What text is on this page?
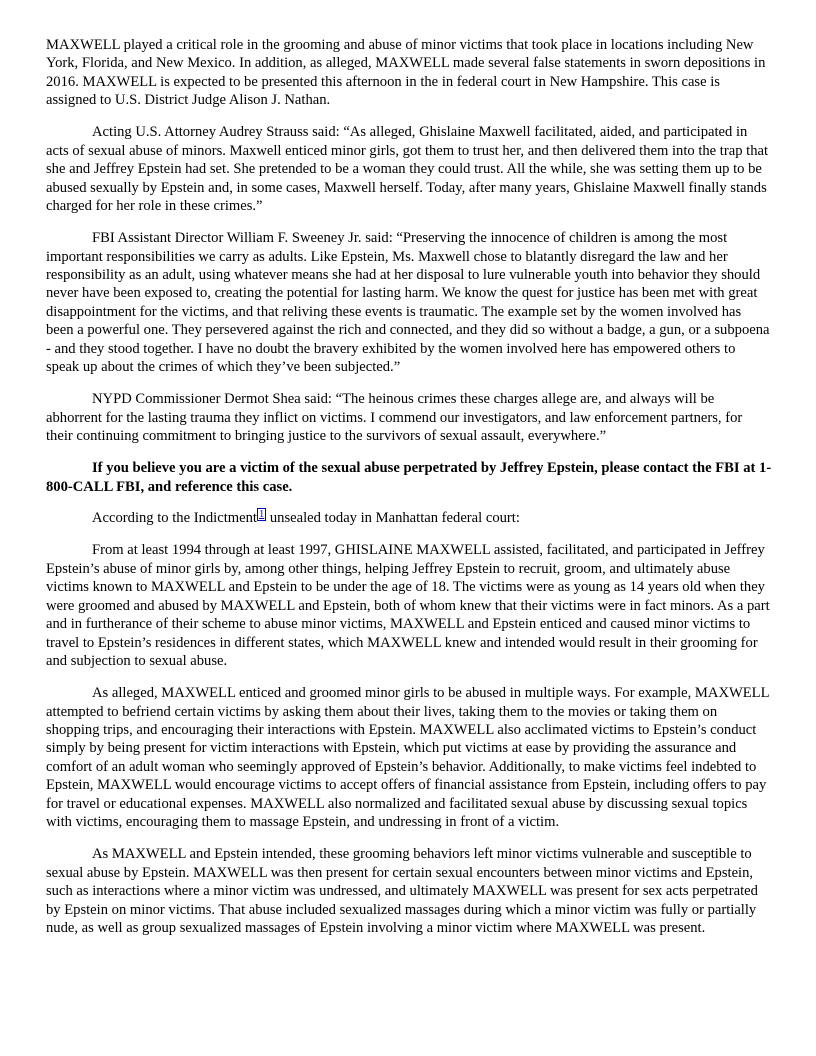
MAXWELL played a critical role in the grooming and abuse of minor victims that took place in locations including New York, Florida, and New Mexico. In addition, as alleged, MAXWELL made several false statements in sworn depositions in 2016. MAXWELL is expected to be presented this afternoon in the in federal court in New Hampshire. This case is assigned to U.S. District Judge Alison J. Nathan.

Acting U.S. Attorney Audrey Strauss said: “As alleged, Ghislaine Maxwell facilitated, aided, and participated in acts of sexual abuse of minors. Maxwell enticed minor girls, got them to trust her, and then delivered them into the trap that she and Jeffrey Epstein had set. She pretended to be a woman they could trust. All the while, she was setting them up to be abused sexually by Epstein and, in some cases, Maxwell herself. Today, after many years, Ghislaine Maxwell finally stands charged for her role in these crimes.”

FBI Assistant Director William F. Sweeney Jr. said: “Preserving the innocence of children is among the most important responsibilities we carry as adults. Like Epstein, Ms. Maxwell chose to blatantly disregard the law and her responsibility as an adult, using whatever means she had at her disposal to lure vulnerable youth into behavior they should never have been exposed to, creating the potential for lasting harm. We know the quest for justice has been met with great disappointment for the victims, and that reliving these events is traumatic. The example set by the women involved has been a powerful one. They persevered against the rich and connected, and they did so without a badge, a gun, or a subpoena - and they stood together. I have no doubt the bravery exhibited by the women involved here has empowered others to speak up about the crimes of which they’ve been subjected.”

NYPD Commissioner Dermot Shea said: “The heinous crimes these charges allege are, and always will be abhorrent for the lasting trauma they inflict on victims. I commend our investigators, and law enforcement partners, for their continuing commitment to bringing justice to the survivors of sexual assault, everywhere.”

If you believe you are a victim of the sexual abuse perpetrated by Jeffrey Epstein, please contact the FBI at 1-800-CALL FBI, and reference this case.

According to the Indictment $^1$ unsealed today in Manhattan federal court:

From at least 1994 through at least 1997, GHISLAINE MAXWELL assisted, facilitated, and participated in Jeffrey Epstein’s abuse of minor girls by, among other things, helping Jeffrey Epstein to recruit, groom, and ultimately abuse victims known to MAXWELL and Epstein to be under the age of 18. The victims were as young as 14 years old when they were groomed and abused by MAXWELL and Epstein, both of whom knew that their victims were in fact minors. As a part and in furtherance of their scheme to abuse minor victims, MAXWELL and Epstein enticed and caused minor victims to travel to Epstein’s residences in different states, which MAXWELL knew and intended would result in their grooming for and subjection to sexual abuse.

As alleged, MAXWELL enticed and groomed minor girls to be abused in multiple ways. For example, MAXWELL attempted to befriend certain victims by asking them about their lives, taking them to the movies or taking them on shopping trips, and encouraging their interactions with Epstein. MAXWELL also acclimated victims to Epstein’s conduct simply by being present for victim interactions with Epstein, which put victims at ease by providing the assurance and comfort of an adult woman who seemingly approved of Epstein’s behavior. Additionally, to make victims feel indebted to Epstein, MAXWELL would encourage victims to accept offers of financial assistance from Epstein, including offers to pay for travel or educational expenses. MAXWELL also normalized and facilitated sexual abuse by discussing sexual topics with victims, encouraging them to massage Epstein, and undressing in front of a victim.

As MAXWELL and Epstein intended, these grooming behaviors left minor victims vulnerable and susceptible to sexual abuse by Epstein. MAXWELL was then present for certain sexual encounters between minor victims and Epstein, such as interactions where a minor victim was undressed, and ultimately MAXWELL was present for sex acts perpetrated by Epstein on minor victims. That abuse included sexualized massages during which a minor victim was fully or partially nude, as well as group sexualized massages of Epstein involving a minor victim where MAXWELL was present.
